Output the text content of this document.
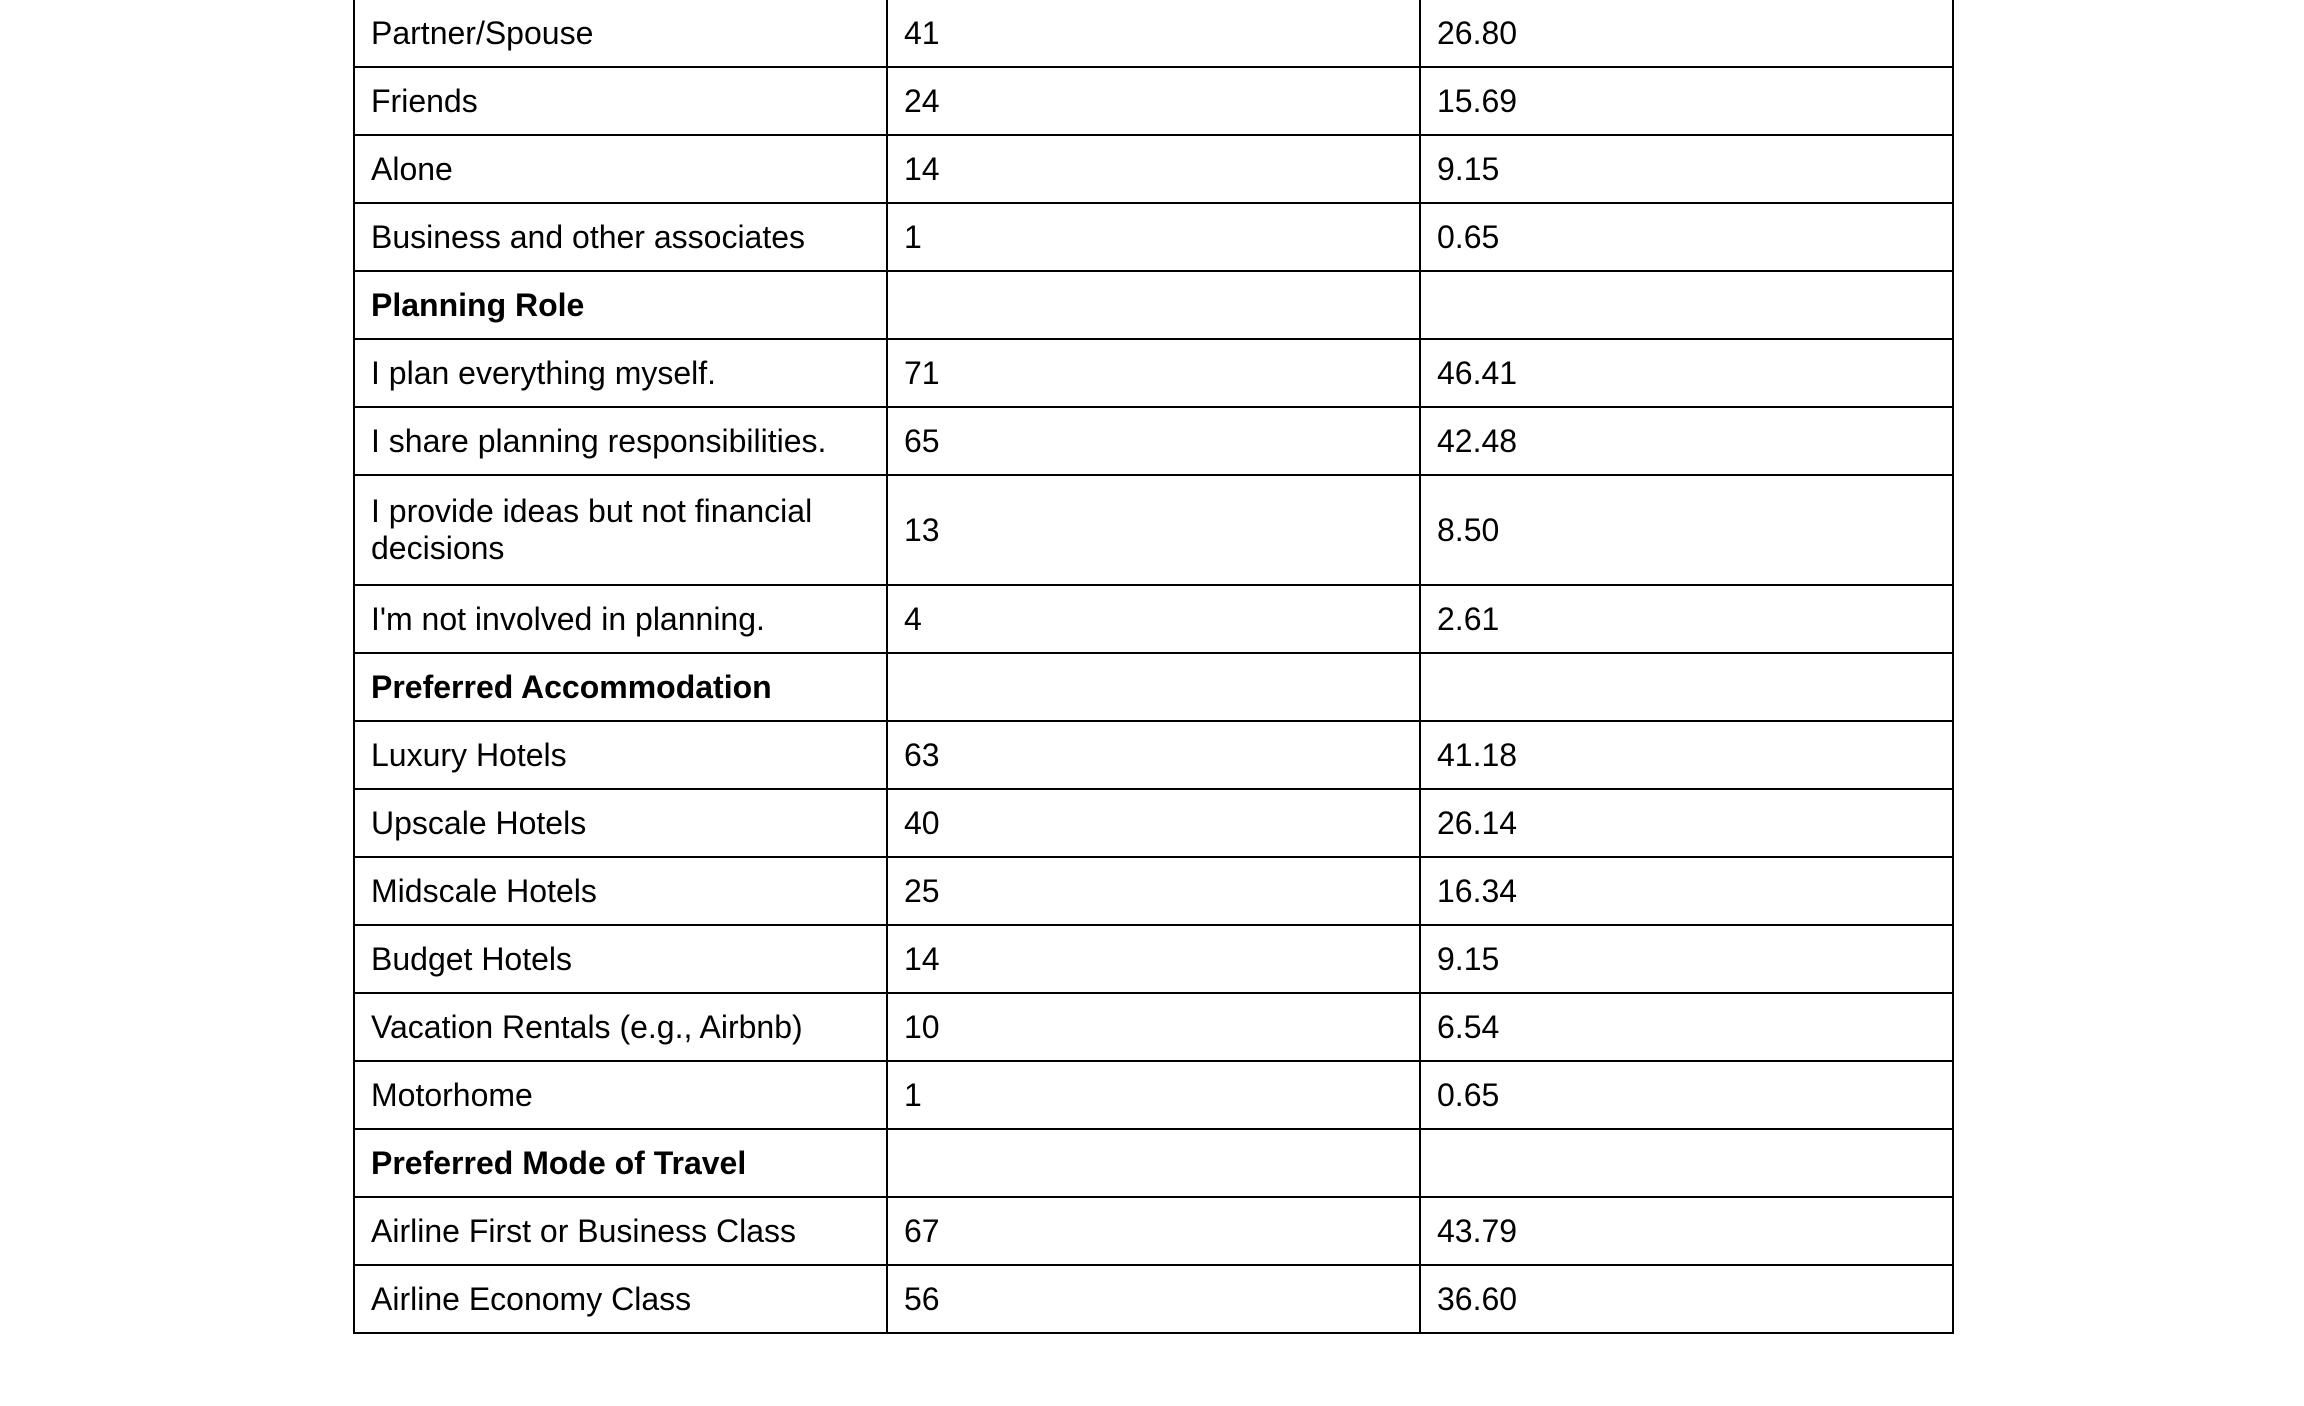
Partner/Spouse	41	26.80
Friends	24	15.69
Alone	14	9.15
Business and other associates	1	0.65
Planning Role		
I plan everything myself.	71	46.41
I share planning responsibilities.	65	42.48
I provide ideas but not financial decisions	13	8.50
I'm not involved in planning.	4	2.61
Preferred Accommodation		
Luxury Hotels	63	41.18
Upscale Hotels	40	26.14
Midscale Hotels	25	16.34
Budget Hotels	14	9.15
Vacation Rentals (e.g., Airbnb)	10	6.54
Motorhome	1	0.65
Preferred Mode of Travel		
Airline First or Business Class	67	43.79
Airline Economy Class	56	36.60
